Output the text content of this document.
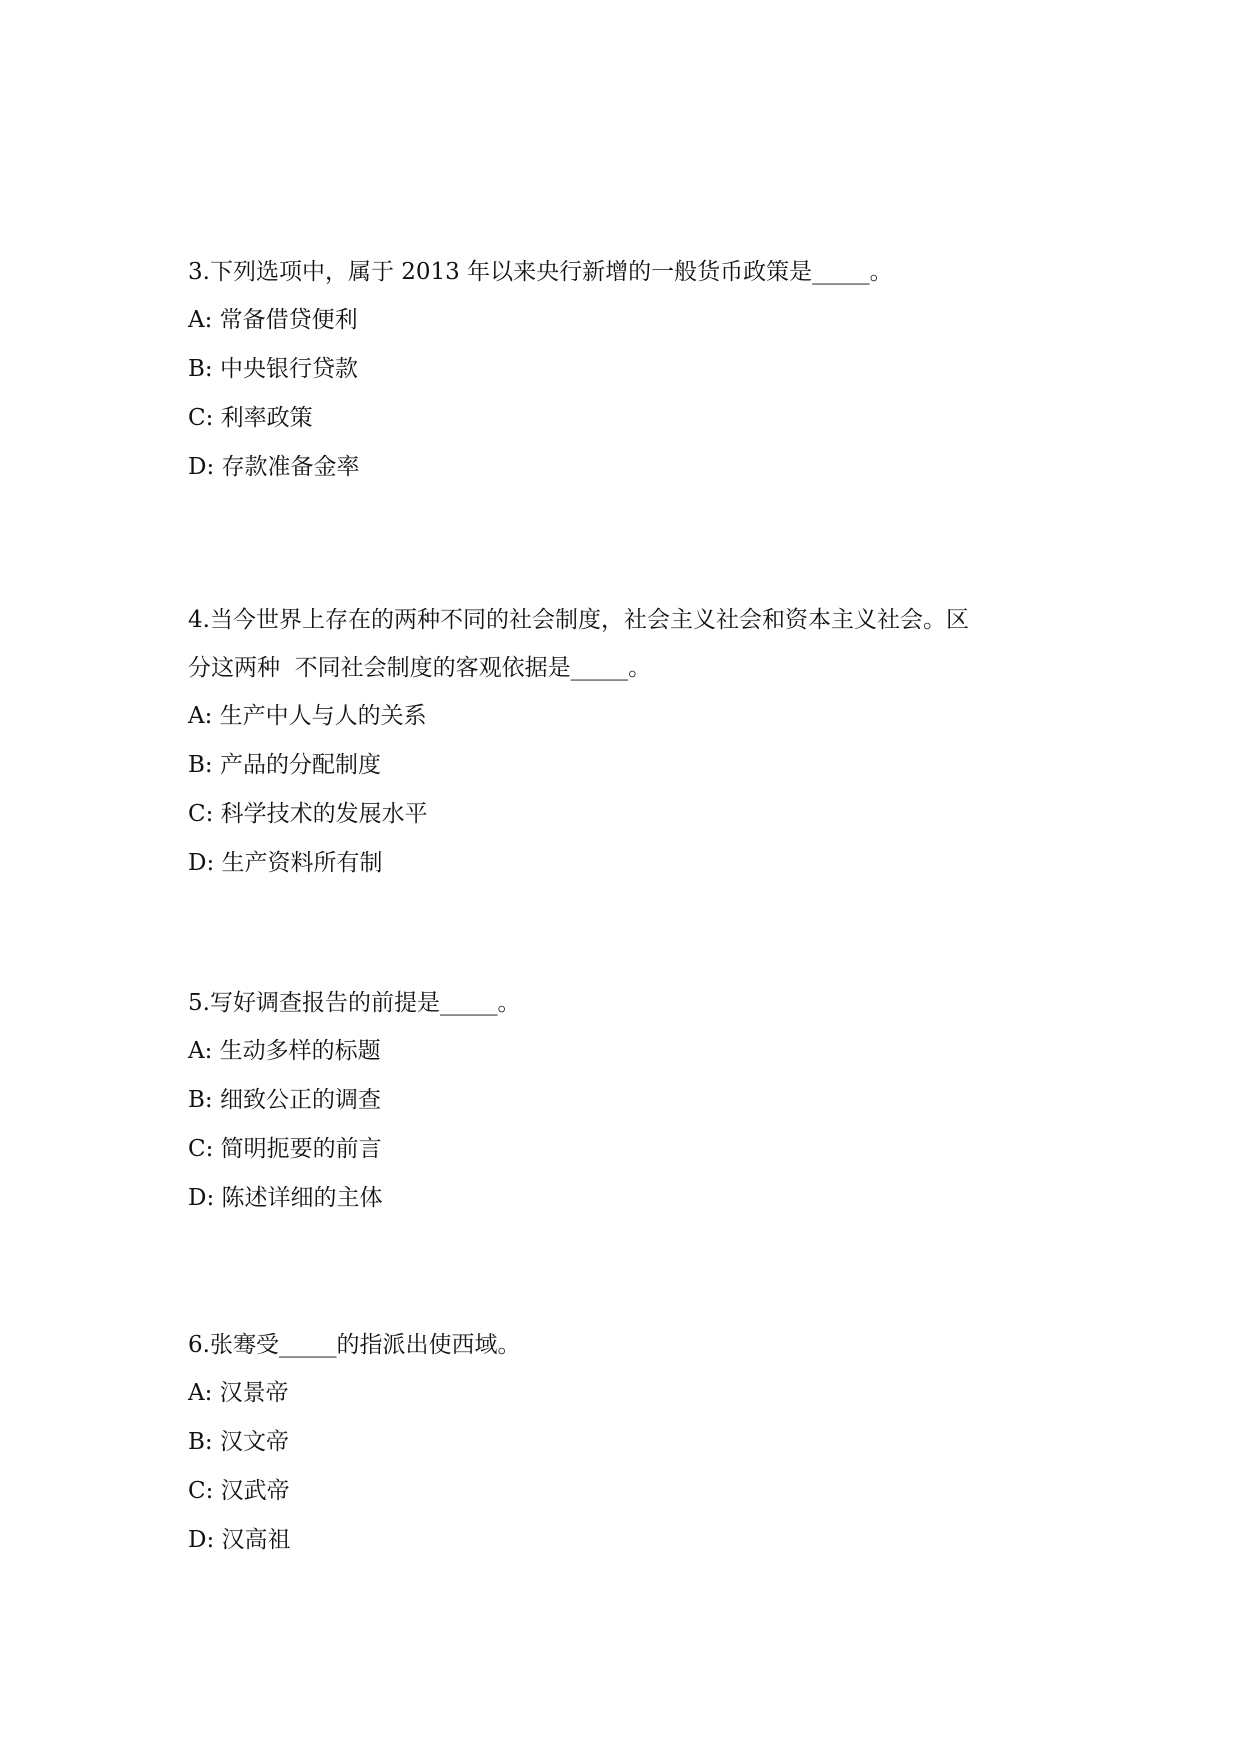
3.下列选项中，属于 2013 年以来央行新增的一般货币政策是_____。

A: 常备借贷便利

B: 中央银行贷款

C: 利率政策

D: 存款准备金率

4.当今世界上存在的两种不同的社会制度，社会主义社会和资本主义社会。区
分这两种  不同社会制度的客观依据是_____。

A: 生产中人与人的关系

B: 产品的分配制度

C: 科学技术的发展水平

D: 生产资料所有制

5.写好调查报告的前提是_____。

A: 生动多样的标题

B: 细致公正的调查

C: 简明扼要的前言

D: 陈述详细的主体

6.张骞受_____的指派出使西域。

A: 汉景帝

B: 汉文帝

C: 汉武帝

D: 汉高祖
